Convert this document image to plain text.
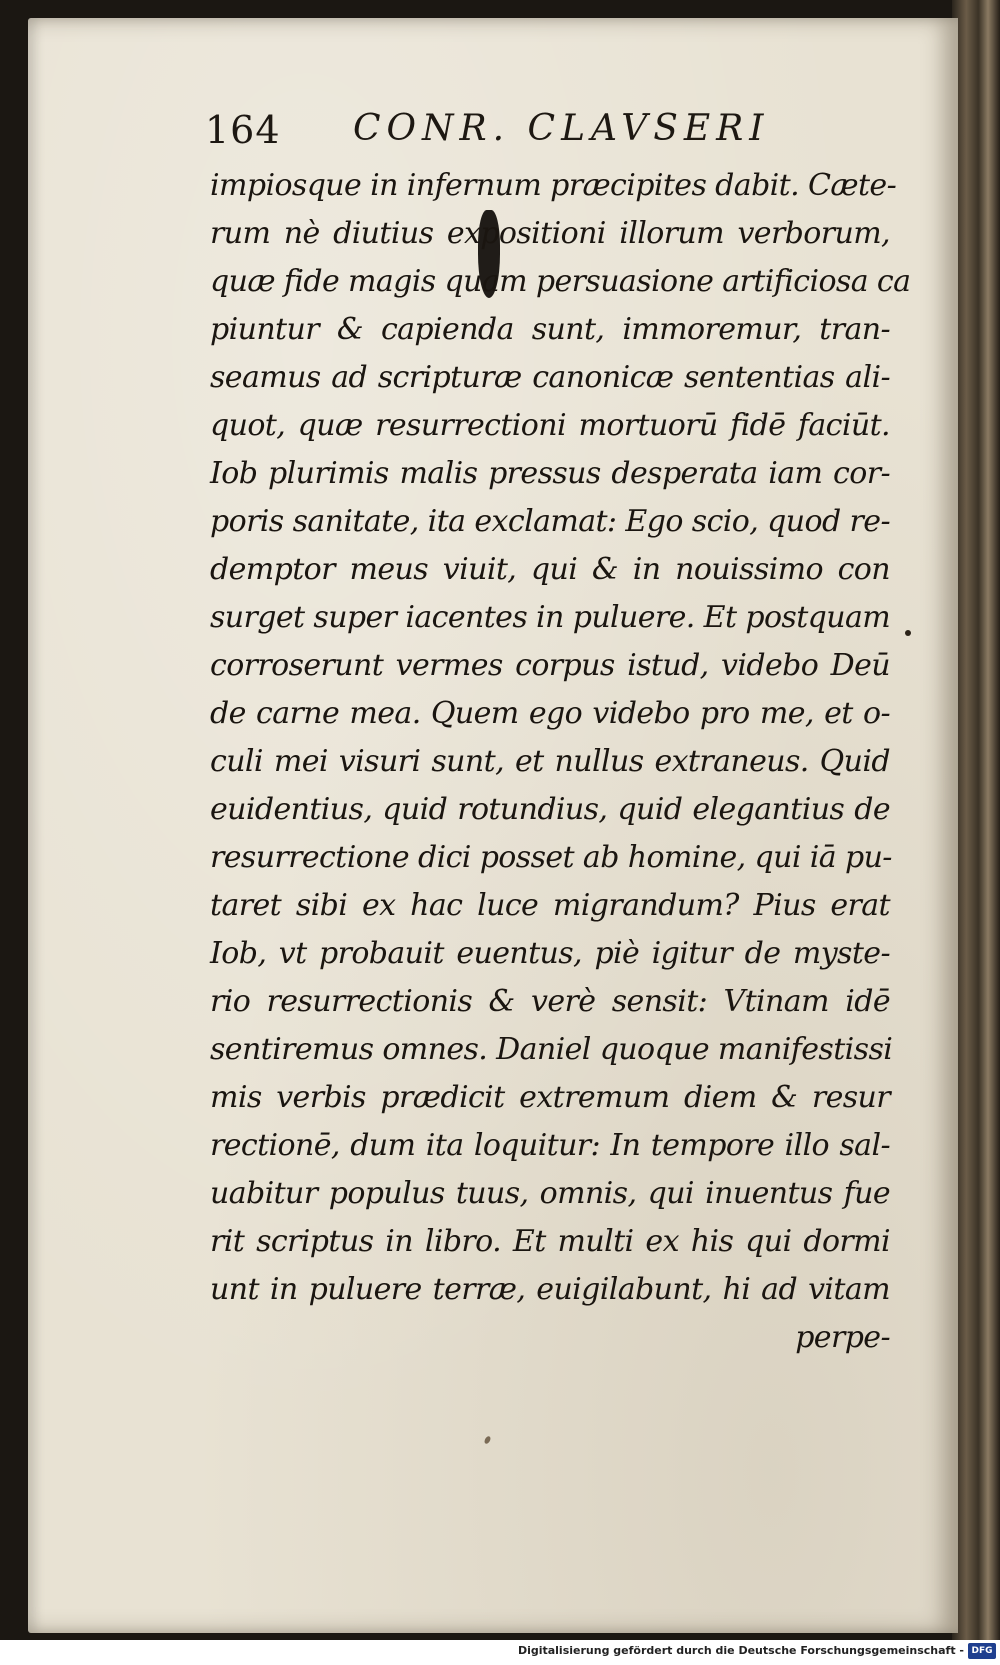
164 CONR. CLAVSERI
impiosque in infernum præcipites dabit. Cæte-
rum nè diutius expositioni illorum verborum,
quæ fide magis quam persuasione artificiosa ca
piuntur & capienda sunt, immoremur, tran-
seamus ad scripturæ canonicæ sententias ali-
quot, quæ resurrectioni mortuorū fidē faciūt.
Iob plurimis malis pressus desperata iam cor-
poris sanitate, ita exclamat: Ego scio, quod re-
demptor meus viuit, qui & in nouissimo con
surget super iacentes in puluere. Et postquam
corroserunt vermes corpus istud, videbo Deū
de carne mea. Quem ego videbo pro me, et o-
culi mei visuri sunt, et nullus extraneus. Quid
euidentius, quid rotundius, quid elegantius de
resurrectione dici posset ab homine, qui iā pu-
taret sibi ex hac luce migrandum? Pius erat
Iob, vt probauit euentus, piè igitur de myste-
rio resurrectionis & verè sensit: Vtinam idē
sentiremus omnes. Daniel quoque manifestissi
mis verbis prædicit extremum diem & resur
rectionē, dum ita loquitur: In tempore illo sal-
uabitur populus tuus, omnis, qui inuentus fue
rit scriptus in libro. Et multi ex his qui dormi
unt in puluere terræ, euigilabunt, hi ad vitam
perpe-
Digitalisierung gefördert durch die Deutsche Forschungsgemeinschaft - DFG
